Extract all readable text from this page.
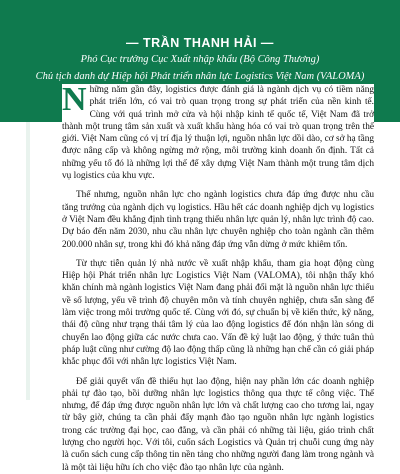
— TRẦN THANH HẢI —
Phó Cục trưởng Cục Xuất nhập khẩu (Bộ Công Thương)
Chủ tịch danh dự Hiệp hội Phát triển nhân lực Logistics Việt Nam (VALOMA)

Những năm gần đây, logistics được đánh giá là ngành dịch vụ có tiềm năng phát triển lớn, có vai trò quan trọng trong sự phát triển của nền kinh tế. Cùng với quá trình mở cửa và hội nhập kinh tế quốc tế, Việt Nam đã trở thành một trung tâm sản xuất và xuất khẩu hàng hóa có vai trò quan trọng trên thế giới. Việt Nam cũng có vị trí địa lý thuận lợi, nguồn nhân lực dồi dào, cơ sở hạ tầng được nâng cấp và không ngừng mở rộng, môi trường kinh doanh ổn định. Tất cả những yếu tố đó là những lợi thế để xây dựng Việt Nam thành một trung tâm dịch vụ logistics của khu vực.

Thế nhưng, nguồn nhân lực cho ngành logistics chưa đáp ứng được nhu cầu tăng trưởng của ngành dịch vụ logistics. Hầu hết các doanh nghiệp dịch vụ logistics ở Việt Nam đều khẳng định tình trạng thiếu nhân lực quản lý, nhân lực trình độ cao. Dự báo đến năm 2030, nhu cầu nhân lực chuyên nghiệp cho toàn ngành cần thêm 200.000 nhân sự, trong khi đó khả năng đáp ứng vẫn dừng ở mức khiêm tốn.

Từ thực tiễn quản lý nhà nước về xuất nhập khẩu, tham gia hoạt động cùng Hiệp hội Phát triển nhân lực Logistics Việt Nam (VALOMA), tôi nhận thấy khó khăn chính mà ngành logistics Việt Nam đang phải đối mặt là nguồn nhân lực thiếu về số lượng, yếu về trình độ chuyên môn và tính chuyên nghiệp, chưa sẵn sàng để làm việc trong môi trường quốc tế. Cùng với đó, sự chuẩn bị về kiến thức, kỹ năng, thái độ cũng như trạng thái tâm lý của lao động logistics để đón nhận làn sóng di chuyển lao động giữa các nước chưa cao. Vấn đề kỷ luật lao động, ý thức tuân thủ pháp luật cũng như cường độ lao động thấp cũng là những hạn chế cần có giải pháp khắc phục đối với nhân lực logistics Việt Nam.

Để giải quyết vấn đề thiếu hụt lao động, hiện nay phần lớn các doanh nghiệp phải tự đào tạo, bồi dưỡng nhân lực logistics thông qua thực tế công việc. Thế nhưng, để đáp ứng được nguồn nhân lực lớn và chất lượng cao cho tương lai, ngay từ bây giờ, chúng ta cần phải đẩy mạnh đào tạo nguồn nhân lực ngành logistics trong các trường đại học, cao đẳng, và cần phải có những tài liệu, giáo trình chất lượng cho người học. Với tôi, cuốn sách Logistics và Quản trị chuỗi cung ứng này là cuốn sách cung cấp thông tin nền tảng cho những người đang làm trong ngành và là một tài liệu hữu ích cho việc đào tạo nhân lực của ngành.
